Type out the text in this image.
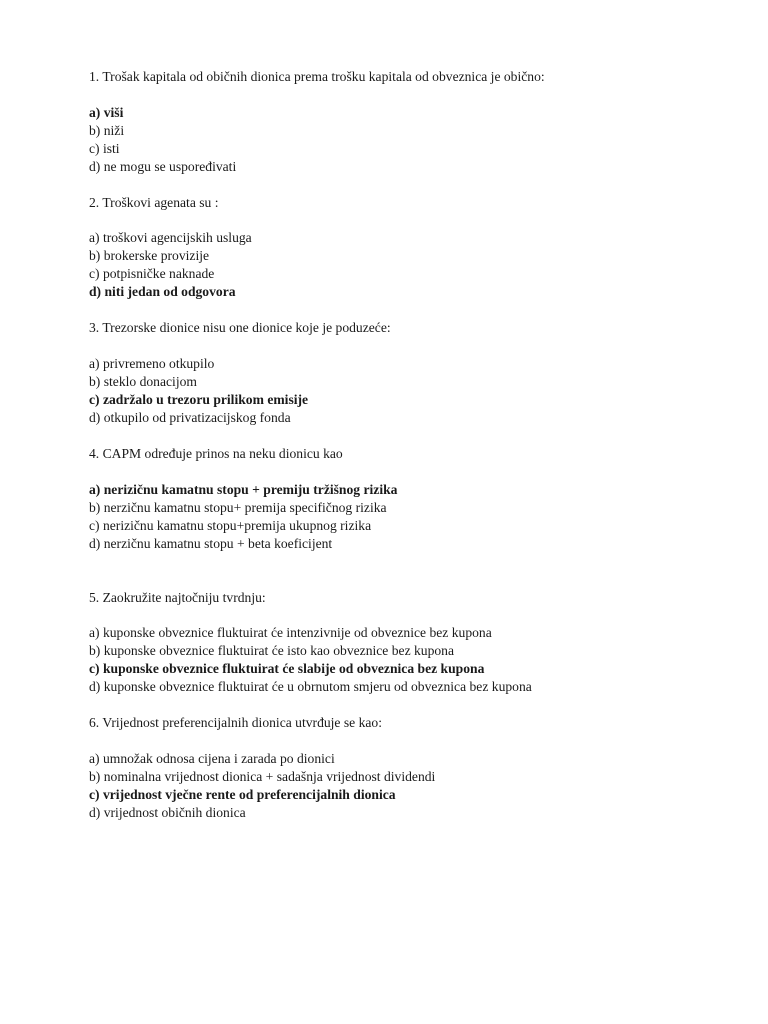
1. Trošak kapitala od običnih dionica prema trošku kapitala od obveznica je obično:
a) viši
b) niži
c) isti
d) ne mogu se uspoređivati
2. Troškovi agenata su :
a) troškovi agencijskih usluga
b) brokerske provizije
c) potpisničke naknade
d) niti jedan od odgovora
3. Trezorske dionice nisu one dionice koje je poduzeće:
a) privremeno otkupilo
b) steklo donacijom
c) zadržalo u trezoru prilikom emisije
d) otkupilo od privatizacijskog fonda
4. CAPM određuje prinos na neku dionicu kao
a) nerizičnu kamatnu stopu + premiju tržišnog rizika
b) nerzičnu kamatnu stopu+ premija specifičnog rizika
c) nerizičnu kamatnu stopu+premija ukupnog rizika
d) nerzičnu kamatnu stopu + beta koeficijent
5. Zaokružite najtočniju tvrdnju:
a) kuponske obveznice fluktuirat će intenzivnije od obveznice bez kupona
b) kuponske obveznice fluktuirat će isto kao obveznice bez kupona
c) kuponske obveznice fluktuirat će slabije od obveznica bez kupona
d) kuponske obveznice fluktuirat će u obrnutom smjeru od obveznica bez kupona
6. Vrijednost preferencijalnih dionica utvrđuje se kao:
a) umnožak odnosa cijena i zarada po dionici
b) nominalna vrijednost dionica + sadašnja vrijednost dividendi
c) vrijednost vječne rente od preferencijalnih dionica
d) vrijednost običnih dionica
